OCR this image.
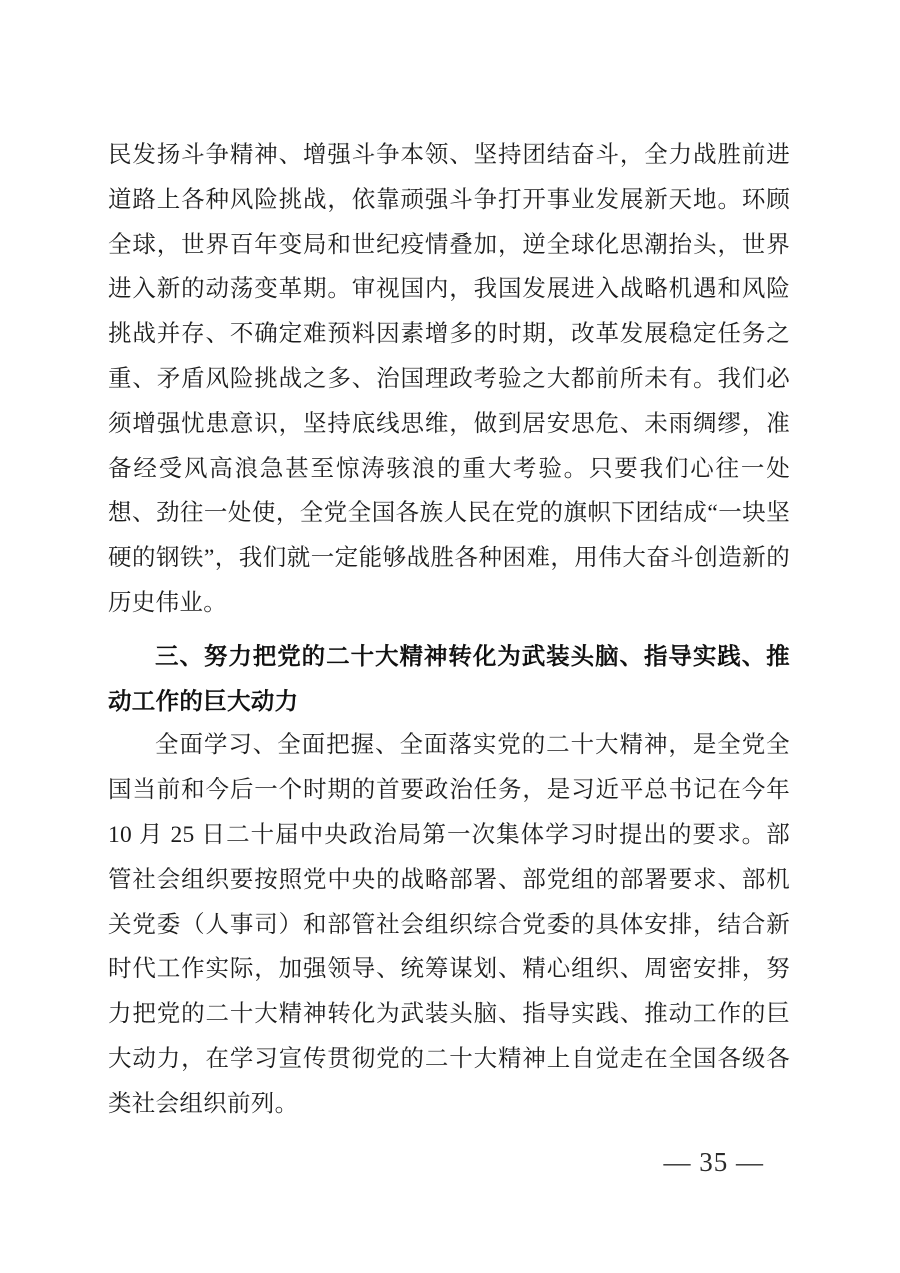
民发扬斗争精神、增强斗争本领、坚持团结奋斗，全力战胜前进
道路上各种风险挑战，依靠顽强斗争打开事业发展新天地。环顾
全球，世界百年变局和世纪疫情叠加，逆全球化思潮抬头，世界
进入新的动荡变革期。审视国内，我国发展进入战略机遇和风险
挑战并存、不确定难预料因素增多的时期，改革发展稳定任务之
重、矛盾风险挑战之多、治国理政考验之大都前所未有。我们必
须增强忧患意识，坚持底线思维，做到居安思危、未雨绸缪，准
备经受风高浪急甚至惊涛骇浪的重大考验。只要我们心往一处
想、劲往一处使，全党全国各族人民在党的旗帜下团结成“一块坚
硬的钢铁”，我们就一定能够战胜各种困难，用伟大奋斗创造新的
历史伟业。
三、努力把党的二十大精神转化为武装头脑、指导实践、推
动工作的巨大动力
全面学习、全面把握、全面落实党的二十大精神，是全党全
国当前和今后一个时期的首要政治任务，是习近平总书记在今年
10 月 25 日二十届中央政治局第一次集体学习时提出的要求。部
管社会组织要按照党中央的战略部署、部党组的部署要求、部机
关党委（人事司）和部管社会组织综合党委的具体安排，结合新
时代工作实际，加强领导、统筹谋划、精心组织、周密安排，努
力把党的二十大精神转化为武装头脑、指导实践、推动工作的巨
大动力，在学习宣传贯彻党的二十大精神上自觉走在全国各级各
类社会组织前列。
— 35 —
